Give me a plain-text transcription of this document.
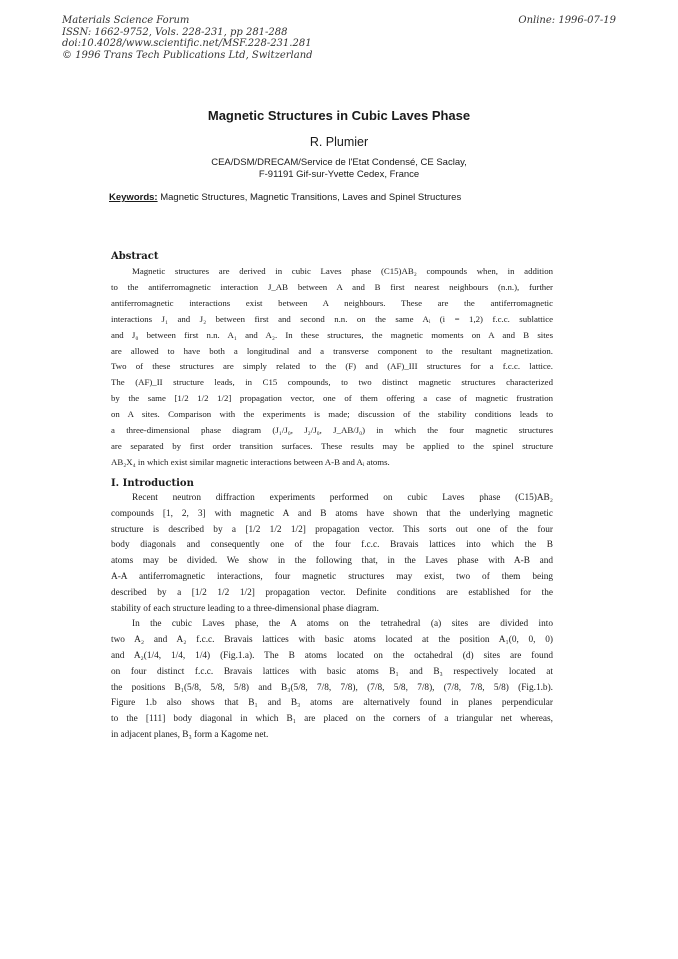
Materials Science Forum
ISSN: 1662-9752, Vols. 228-231, pp 281-288
doi:10.4028/www.scientific.net/MSF.228-231.281
© 1996 Trans Tech Publications Ltd, Switzerland
Online: 1996-07-19
Magnetic Structures in Cubic Laves Phase
R. Plumier
CEA/DSM/DRECAM/Service de l'Etat Condensé, CE Saclay,
F-91191 Gif-sur-Yvette Cedex, France
Keywords: Magnetic Structures, Magnetic Transitions, Laves and Spinel Structures
Abstract
Magnetic structures are derived in cubic Laves phase (C15)AB₂ compounds when, in addition
to the antiferromagnetic interaction J_AB between A and B first nearest neighbours (n.n.), further
antiferromagnetic interactions exist between A neighbours. These are the antiferromagnetic
interactions J₁ and J₂ between first and second n.n. on the same Aᵢ (i = 1,2) f.c.c. sublattice
and J₀ between first n.n. A₁ and A₂. In these structures, the magnetic moments on A and B sites
are allowed to have both a longitudinal and a transverse component to the resultant magnetization.
Two of these structures are simply related to the (F) and (AF)_III structures for a f.c.c. lattice.
The (AF)_II structure leads, in C15 compounds, to two distinct magnetic structures characterized
by the same [1/2 1/2 1/2] propagation vector, one of them offering a case of magnetic frustration
on A sites. Comparison with the experiments is made; discussion of the stability conditions leads to
a three-dimensional phase diagram (J₁/J₀, J₂/J₀, J_AB/J₀) in which the four magnetic structures
are separated by first order transition surfaces. These results may be applied to the spinel structure
AB₂X₄ in which exist similar magnetic interactions between A-B and Aᵢ atoms.
I. Introduction
Recent neutron diffraction experiments performed on cubic Laves phase (C15)AB₂
compounds [1, 2, 3] with magnetic A and B atoms have shown that the underlying magnetic
structure is described by a [1/2 1/2 1/2] propagation vector. This sorts out one of the four
body diagonals and consequently one of the four f.c.c. Bravais lattices into which the B
atoms may be divided. We show in the following that, in the Laves phase with A-B and
A-A antiferromagnetic interactions, four magnetic structures may exist, two of them being
described by a [1/2 1/2 1/2] propagation vector. Definite conditions are established for the
stability of each structure leading to a three-dimensional phase diagram.
In the cubic Laves phase, the A atoms on the tetrahedral (a) sites are divided into
two A₂ and A₂ f.c.c. Bravais lattices with basic atoms located at the position A₁(0, 0, 0)
and A₂(1/4, 1/4, 1/4) (Fig.1.a). The B atoms located on the octahedral (d) sites are found
on four distinct f.c.c. Bravais lattices with basic atoms B₁ and B₃ respectively located at
the positions B₁(5/8, 5/8, 5/8) and B₃(5/8, 7/8, 7/8), (7/8, 5/8, 7/8), (7/8, 7/8, 5/8) (Fig.1.b).
Figure 1.b also shows that B₁ and B₃ atoms are alternatively found in planes perpendicular
to the [111] body diagonal in which B₁ are placed on the corners of a triangular net whereas,
in adjacent planes, B₃ form a Kagome net.
